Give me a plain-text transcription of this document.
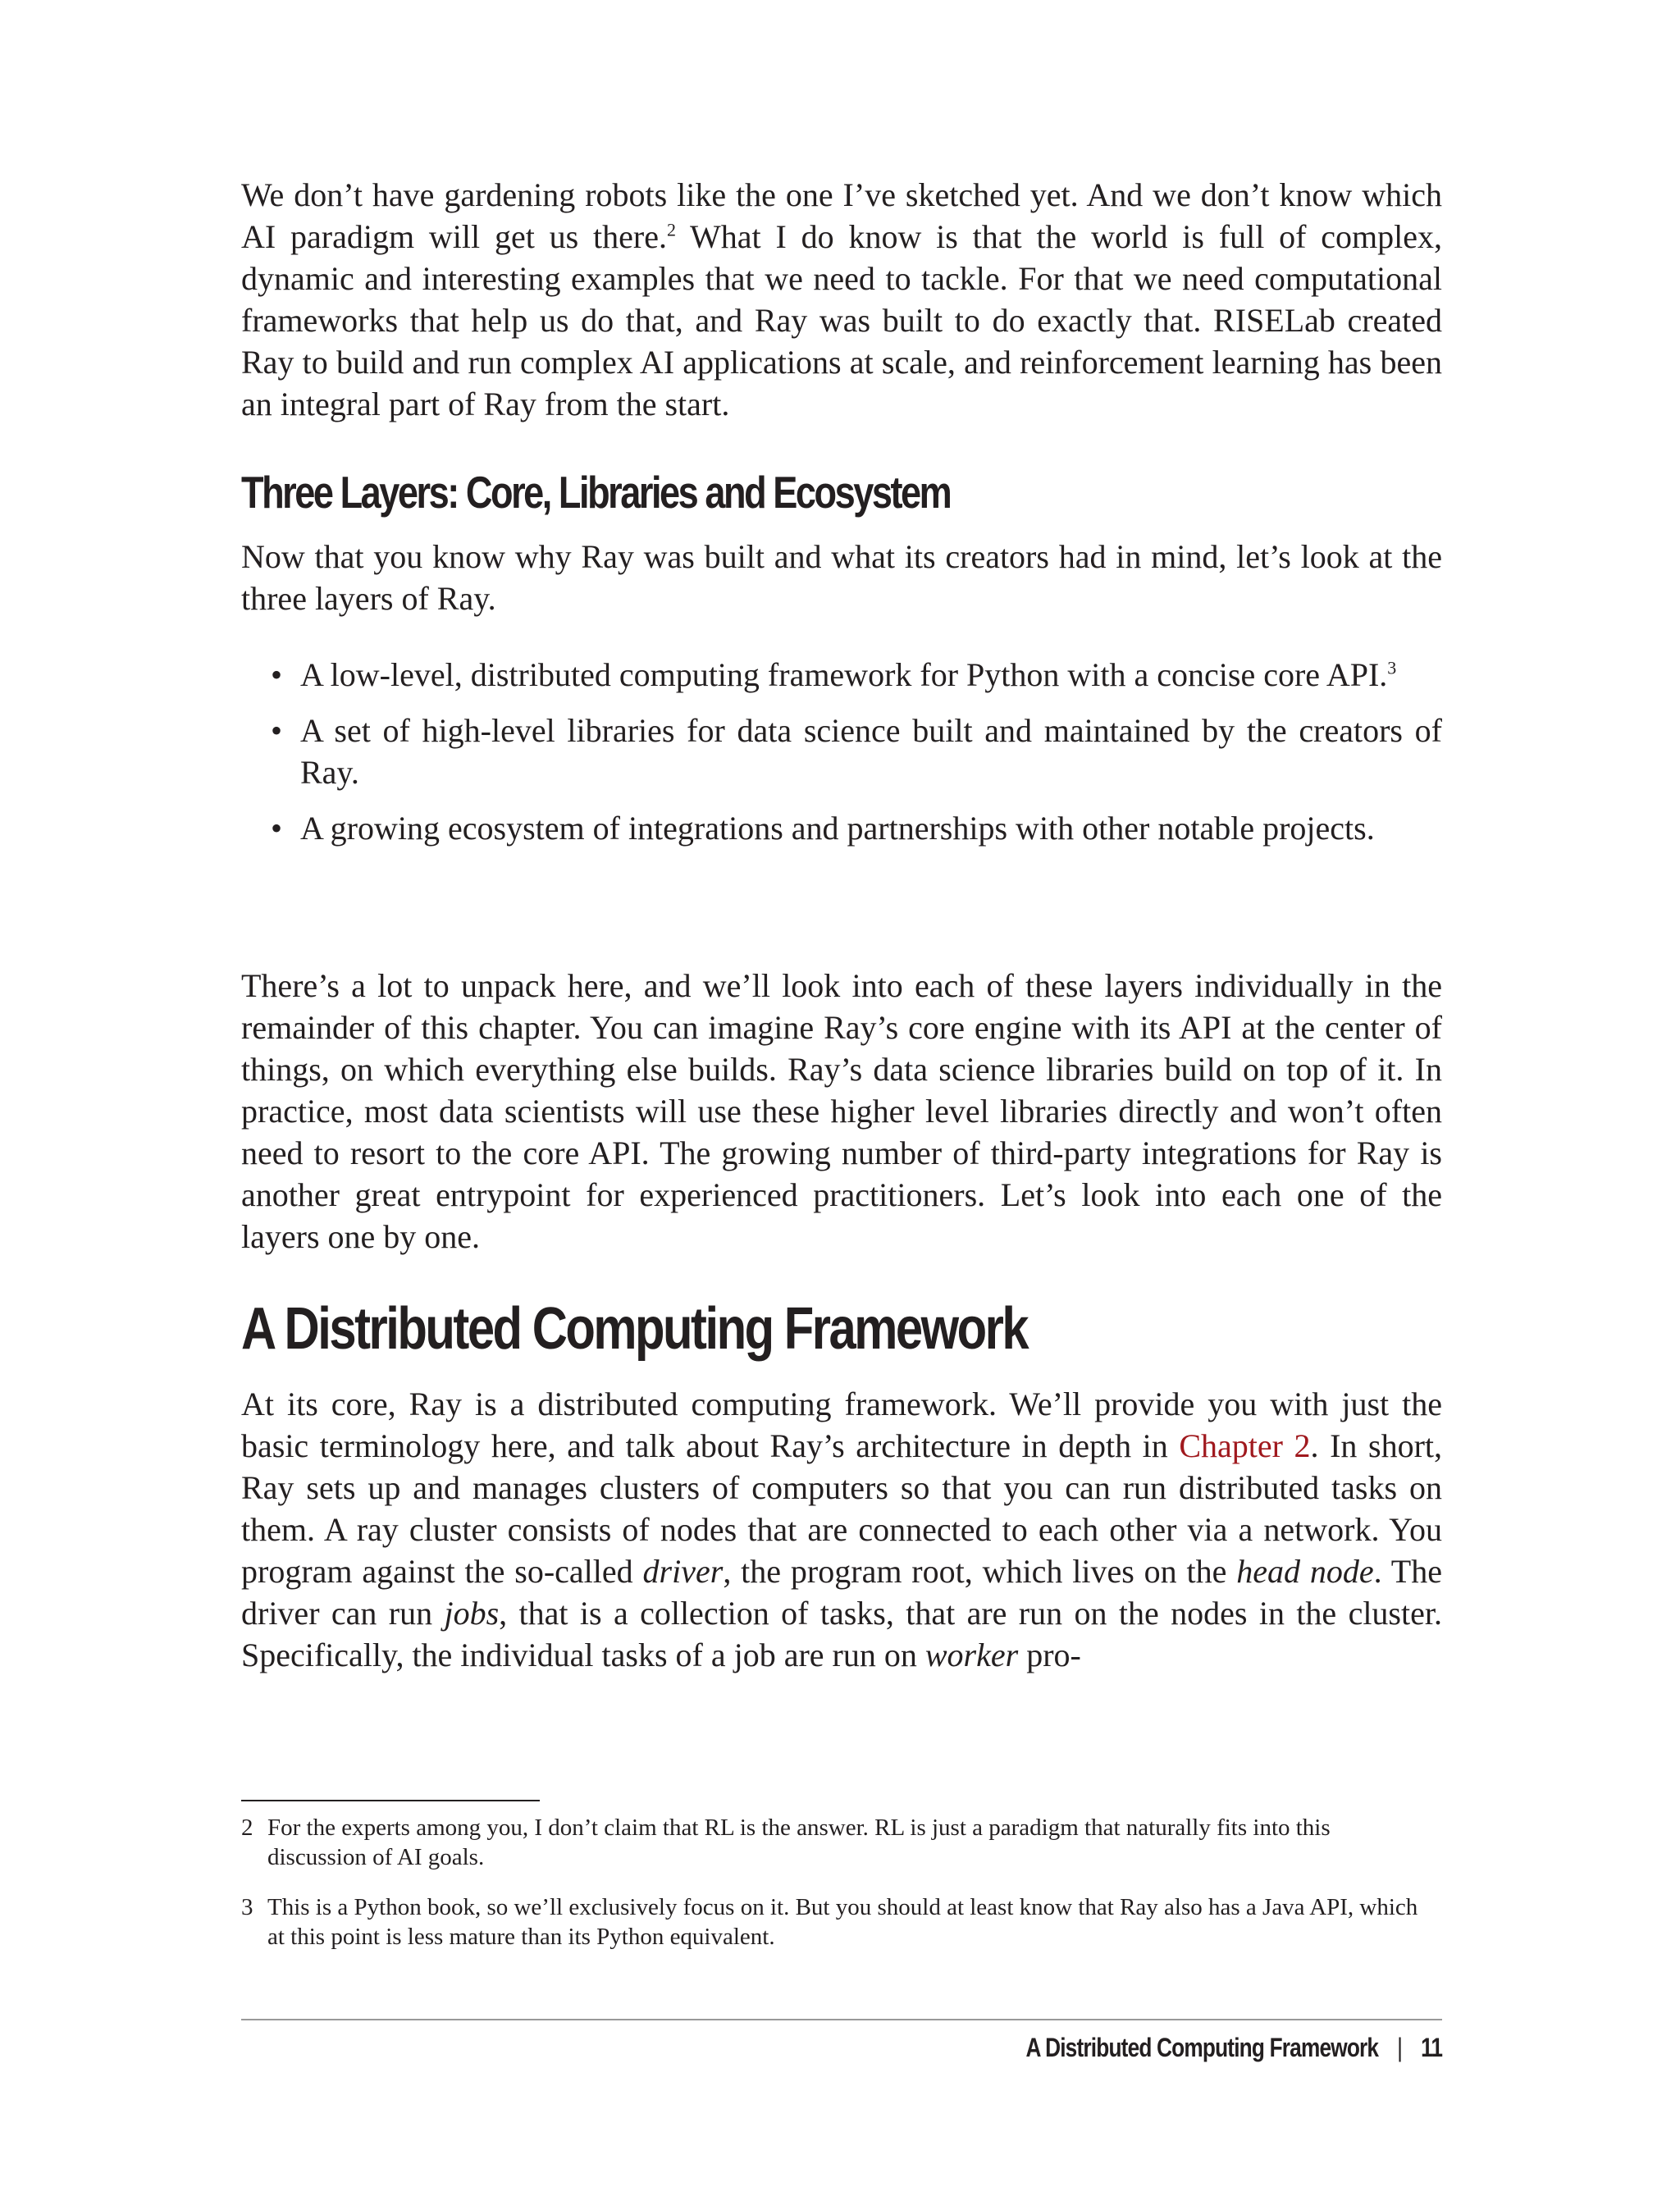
We don’t have gardening robots like the one I’ve sketched yet. And we don’t know which AI paradigm will get us there.$^2$ What I do know is that the world is full of complex, dynamic and interesting examples that we need to tackle. For that we need computational frameworks that help us do that, and Ray was built to do exactly that. RISELab created Ray to build and run complex AI applications at scale, and reinforcement learning has been an integral part of Ray from the start.

Three Layers: Core, Libraries and Ecosystem

Now that you know why Ray was built and what its creators had in mind, let’s look at the three layers of Ray.

• A low-level, distributed computing framework for Python with a concise core API.$^3$

• A set of high-level libraries for data science built and maintained by the creators of Ray.

• A growing ecosystem of integrations and partnerships with other notable projects.

There’s a lot to unpack here, and we’ll look into each of these layers individually in the remainder of this chapter. You can imagine Ray’s core engine with its API at the center of things, on which everything else builds. Ray’s data science libraries build on top of it. In practice, most data scientists will use these higher level libraries directly and won’t often need to resort to the core API. The growing number of third-party integrations for Ray is another great entrypoint for experienced practitioners. Let’s look into each one of the layers one by one.

A Distributed Computing Framework

At its core, Ray is a distributed computing framework. We’ll provide you with just the basic terminology here, and talk about Ray’s architecture in depth in Chapter 2. In short, Ray sets up and manages clusters of computers so that you can run distributed tasks on them. A ray cluster consists of nodes that are connected to each other via a network. You program against the so-called driver, the program root, which lives on the head node. The driver can run jobs, that is a collection of tasks, that are run on the nodes in the cluster. Specifically, the individual tasks of a job are run on worker pro-

2 For the experts among you, I don’t claim that RL is the answer. RL is just a paradigm that naturally fits into this discussion of AI goals.
3 This is a Python book, so we’ll exclusively focus on it. But you should at least know that Ray also has a Java API, which at this point is less mature than its Python equivalent.
A Distributed Computing Framework | 11
